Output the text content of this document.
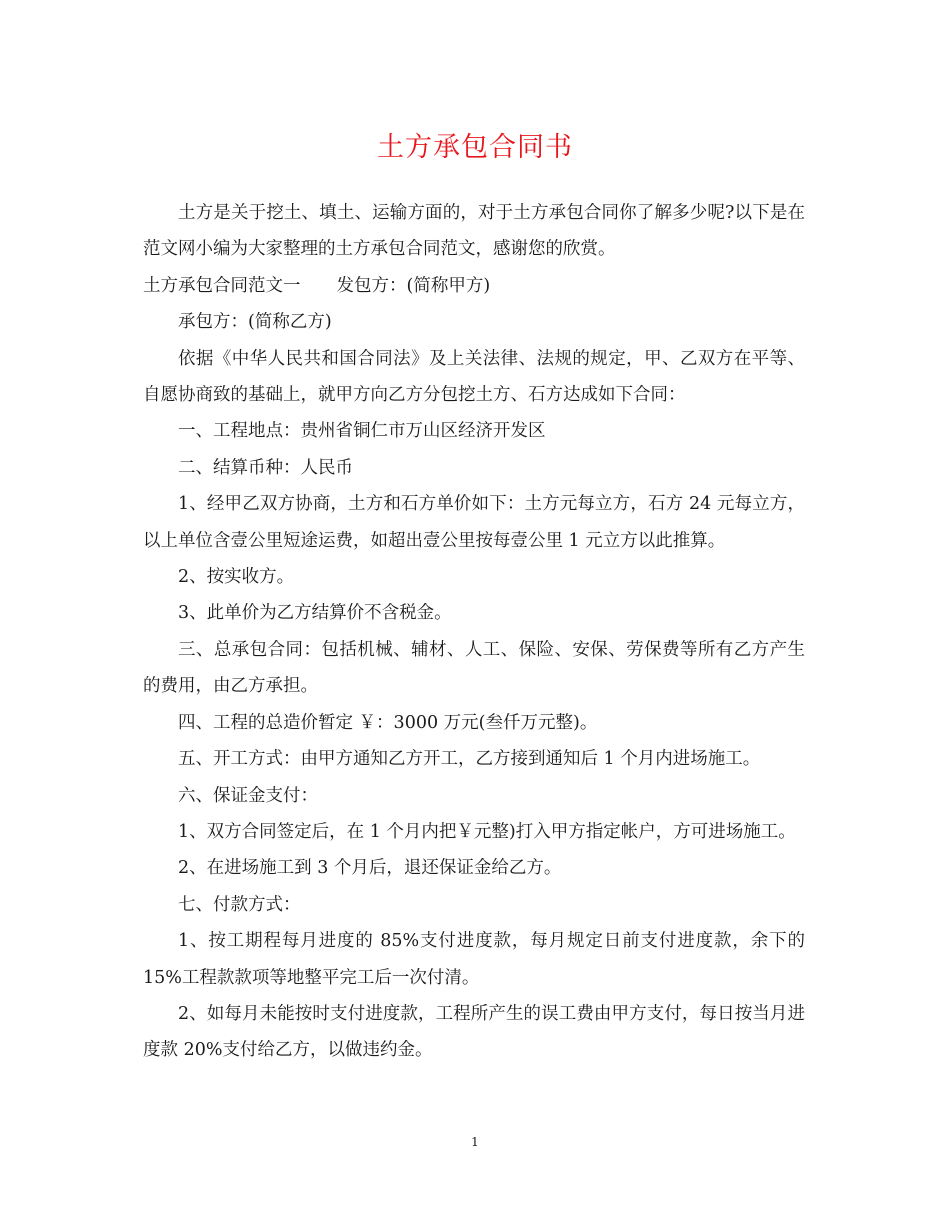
土方承包合同书

土方是关于挖土、填土、运输方面的，对于土方承包合同你了解多少呢?以下是在范文网小编为大家整理的土方承包合同范文，感谢您的欣赏。

土方承包合同范文一 发包方：(简称甲方)

承包方：(简称乙方)

依据《中华人民共和国合同法》及上关法律、法规的规定，甲、乙双方在平等、自愿协商致的基础上，就甲方向乙方分包挖土方、石方达成如下合同：

一、工程地点：贵州省铜仁市万山区经济开发区

二、结算币种：人民币

1、经甲乙双方协商，土方和石方单价如下：土方元每立方，石方 24 元每立方，以上单位含壹公里短途运费，如超出壹公里按每壹公里 1 元立方以此推算。

2、按实收方。

3、此单价为乙方结算价不含税金。

三、总承包合同：包括机械、辅材、人工、保险、安保、劳保费等所有乙方产生的费用，由乙方承担。

四、工程的总造价暂定 ￥：3000 万元(叁仟万元整)。

五、开工方式：由甲方通知乙方开工，乙方接到通知后 1 个月内进场施工。

六、保证金支付：

1、双方合同签定后，在 1 个月内把￥元整)打入甲方指定帐户，方可进场施工。

2、在进场施工到 3 个月后，退还保证金给乙方。

七、付款方式：

1、按工期程每月进度的 85%支付进度款，每月规定日前支付进度款，余下的15%工程款款项等地整平完工后一次付清。

2、如每月未能按时支付进度款，工程所产生的误工费由甲方支付，每日按当月进度款 20%支付给乙方，以做违约金。

1
